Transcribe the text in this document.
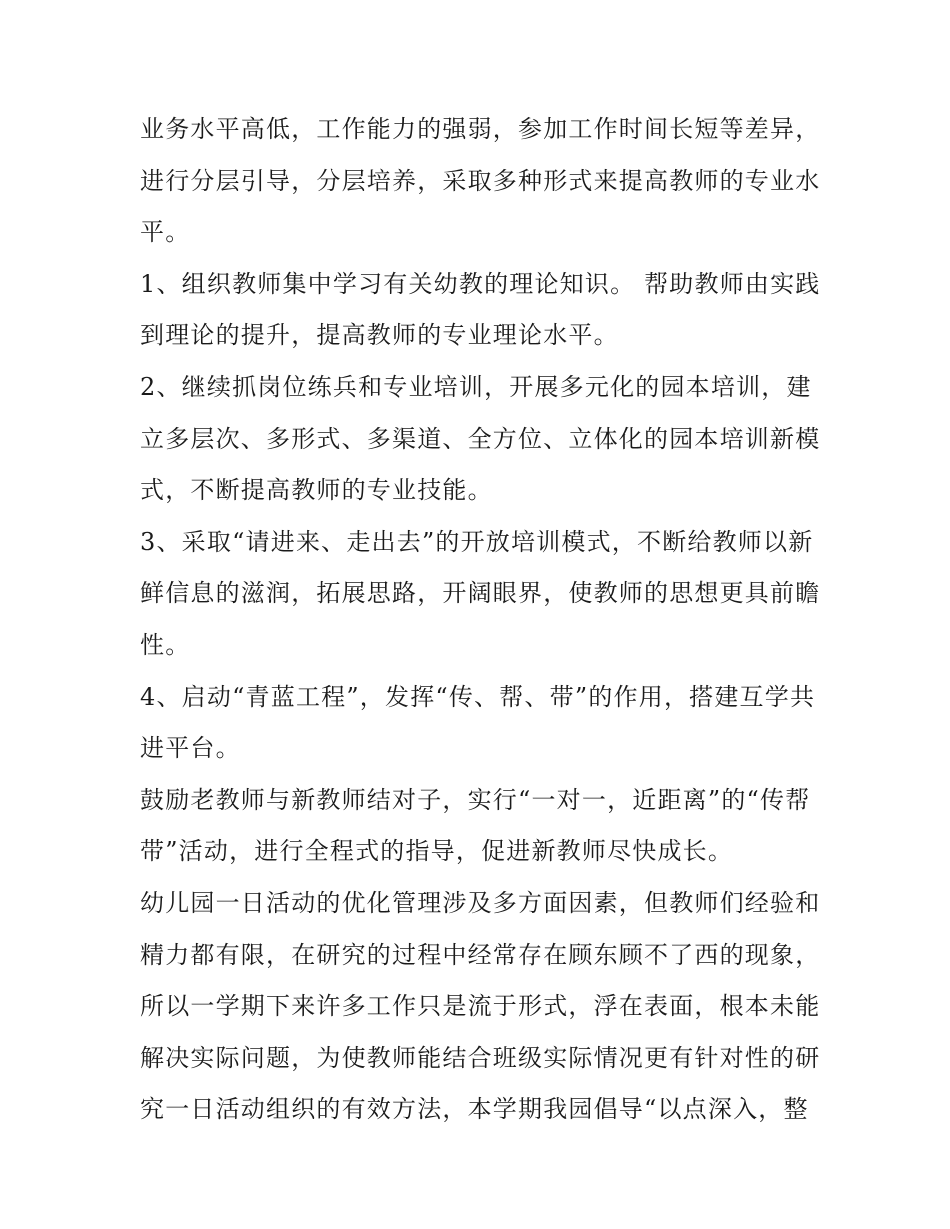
业务水平高低，工作能力的强弱，参加工作时间长短等差异，
进行分层引导，分层培养，采取多种形式来提高教师的专业水
平。
1、组织教师集中学习有关幼教的理论知识。 帮助教师由实践
到理论的提升，提高教师的专业理论水平。
2、继续抓岗位练兵和专业培训，开展多元化的园本培训，建
立多层次、多形式、多渠道、全方位、立体化的园本培训新模
式，不断提高教师的专业技能。
3、采取“请进来、走出去”的开放培训模式，不断给教师以新
鲜信息的滋润，拓展思路，开阔眼界，使教师的思想更具前瞻
性。
4、启动“青蓝工程”，发挥“传、帮、带”的作用，搭建互学共
进平台。
鼓励老教师与新教师结对子，实行“一对一，近距离”的“传帮
带”活动，进行全程式的指导，促进新教师尽快成长。
幼儿园一日活动的优化管理涉及多方面因素，但教师们经验和
精力都有限，在研究的过程中经常存在顾东顾不了西的现象，
所以一学期下来许多工作只是流于形式，浮在表面，根本未能
解决实际问题，为使教师能结合班级实际情况更有针对性的研
究一日活动组织的有效方法，本学期我园倡导“以点深入，整
